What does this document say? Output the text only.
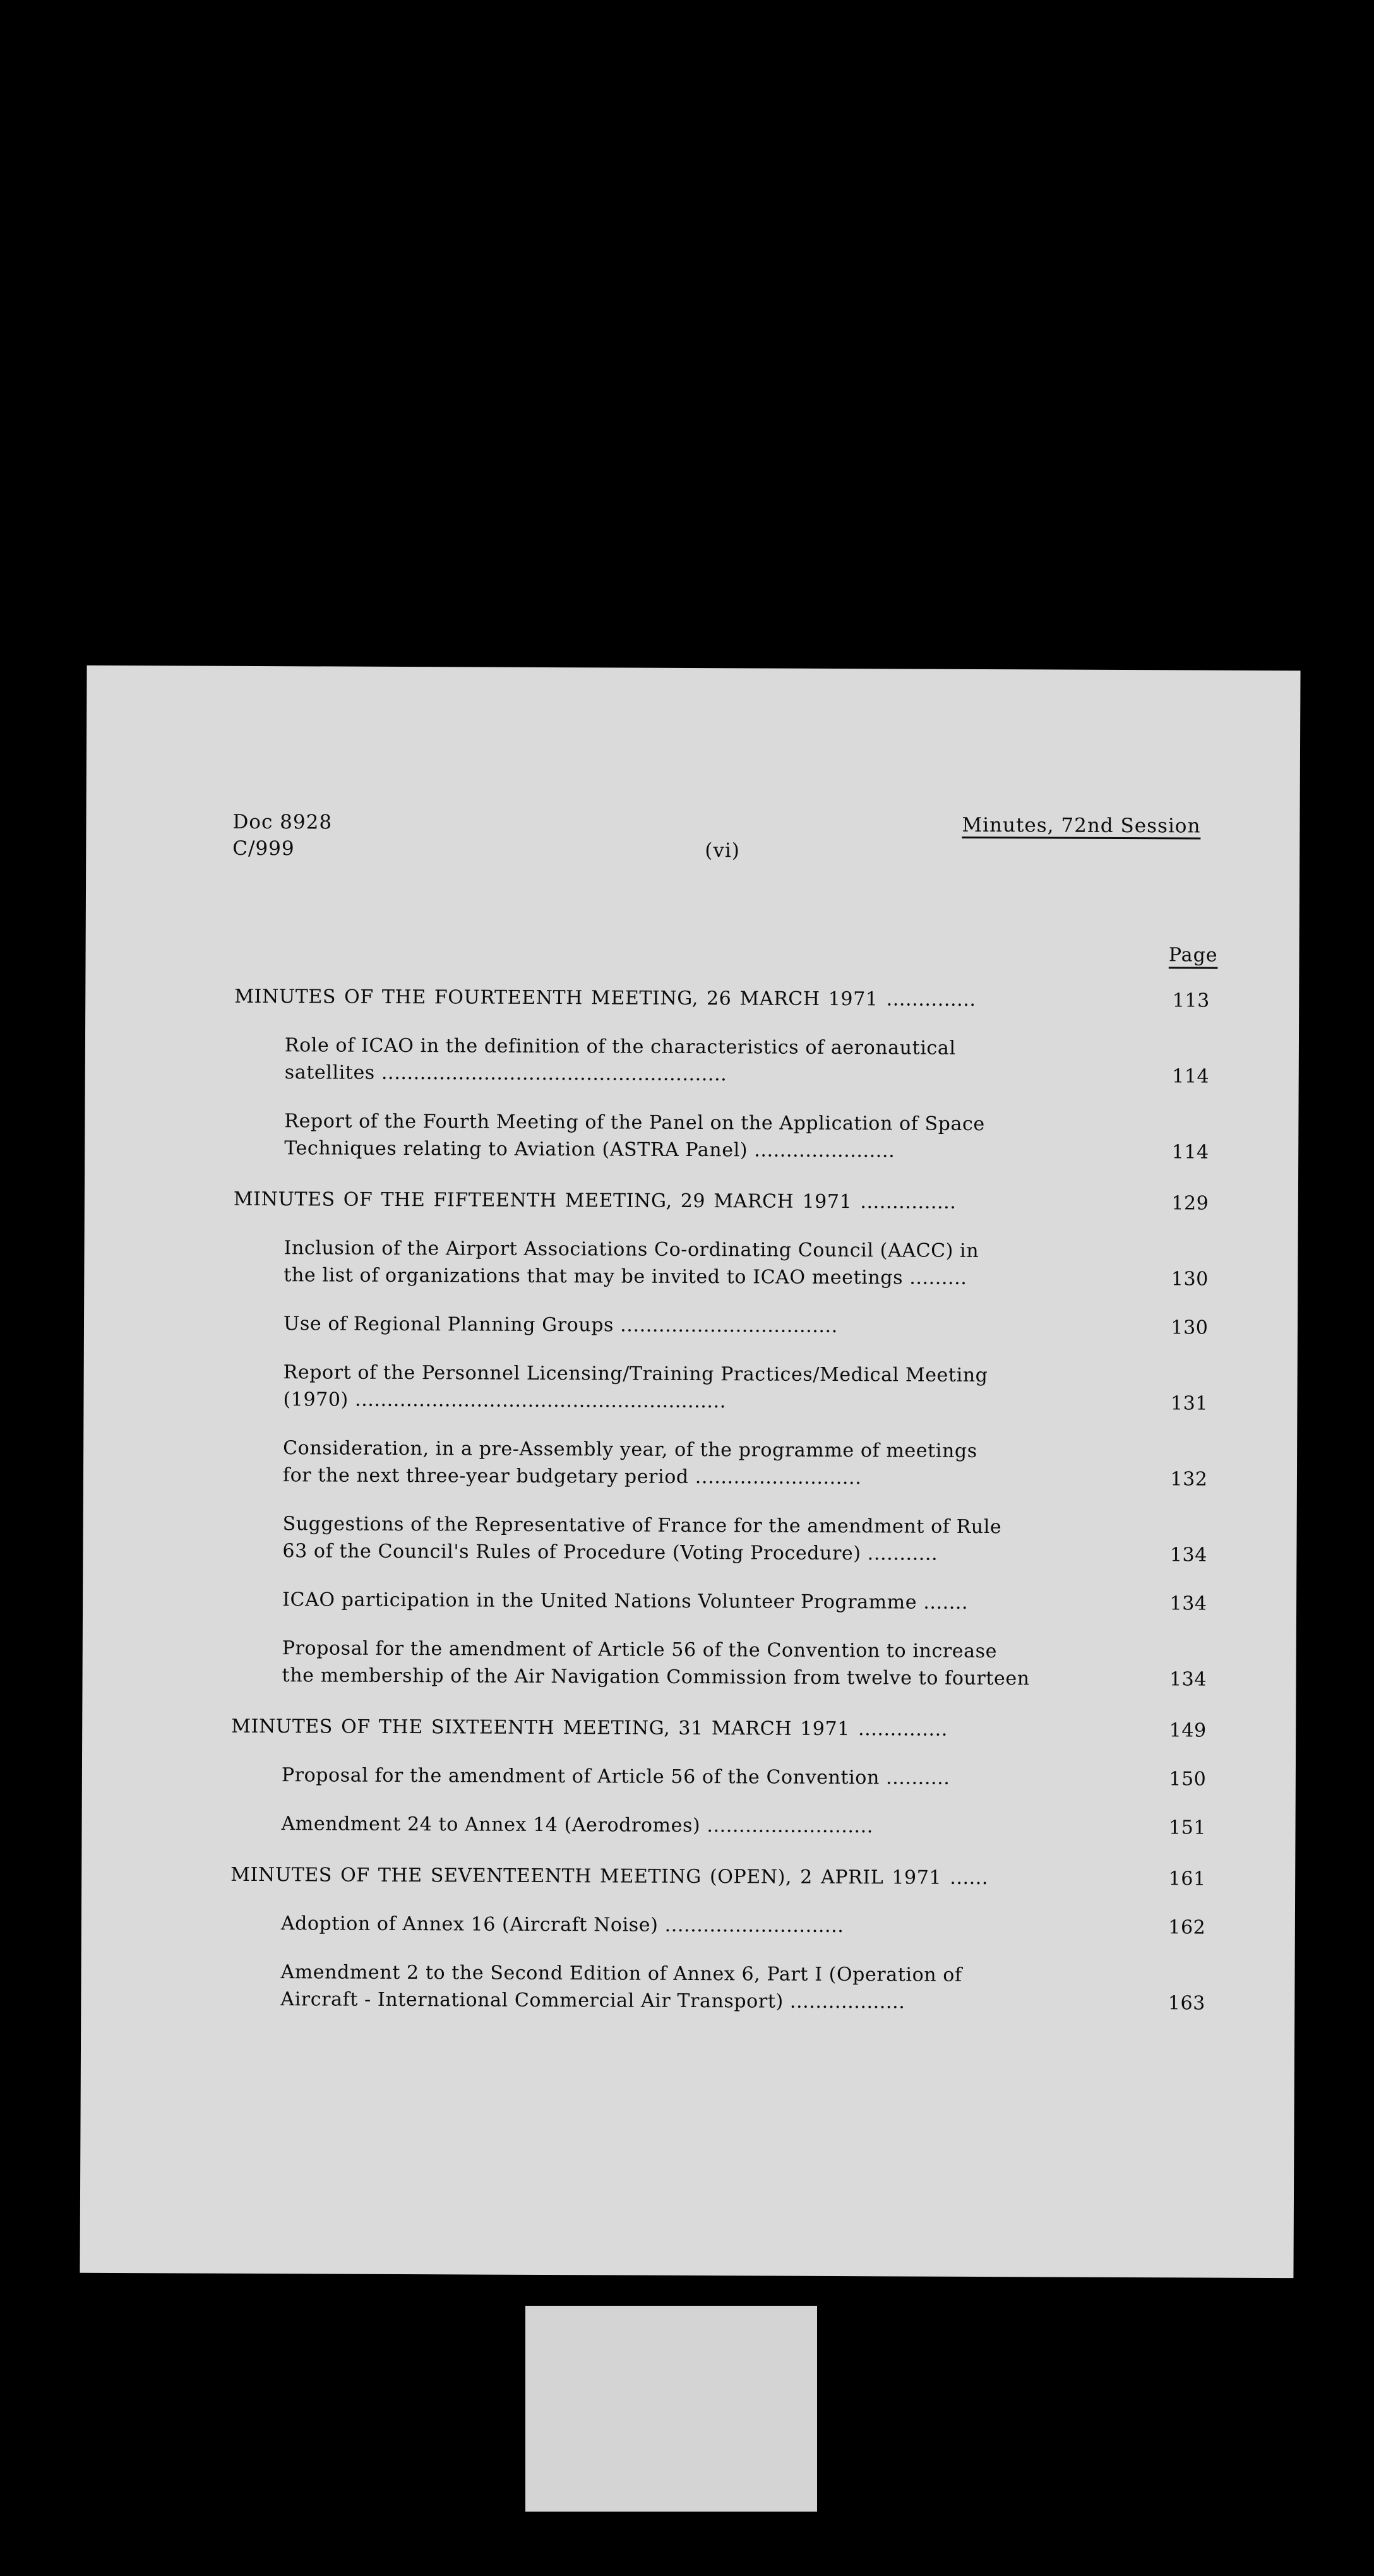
Doc 8928
C/999	(vi)
Minutes, 72nd Session
Page
MINUTES OF THE FOURTEENTH MEETING, 26 MARCH 1971 ..............	113
Role of ICAO in the definition of the characteristics of aeronautical
satellites ......................................................	114
Report of the Fourth Meeting of the Panel on the Application of Space
Techniques relating to Aviation (ASTRA Panel) ......................	114
MINUTES OF THE FIFTEENTH MEETING, 29 MARCH 1971 ...............	129
Inclusion of the Airport Associations Co-ordinating Council (AACC) in
the list of organizations that may be invited to ICAO meetings .........	130
Use of Regional Planning Groups ..................................	130
Report of the Personnel Licensing/Training Practices/Medical Meeting
(1970) ..........................................................	131
Consideration, in a pre-Assembly year, of the programme of meetings
for the next three-year budgetary period ..........................	132
Suggestions of the Representative of France for the amendment of Rule
63 of the Council's Rules of Procedure (Voting Procedure) ...........	134
ICAO participation in the United Nations Volunteer Programme .......	134
Proposal for the amendment of Article 56 of the Convention to increase
the membership of the Air Navigation Commission from twelve to fourteen	134
MINUTES OF THE SIXTEENTH MEETING, 31 MARCH 1971 ..............	149
Proposal for the amendment of Article 56 of the Convention ..........	150
Amendment 24 to Annex 14 (Aerodromes) ..........................	151
MINUTES OF THE SEVENTEENTH MEETING (OPEN), 2 APRIL 1971 ......	161
Adoption of Annex 16 (Aircraft Noise) ............................	162
Amendment 2 to the Second Edition of Annex 6, Part I (Operation of
Aircraft - International Commercial Air Transport) ..................	163
